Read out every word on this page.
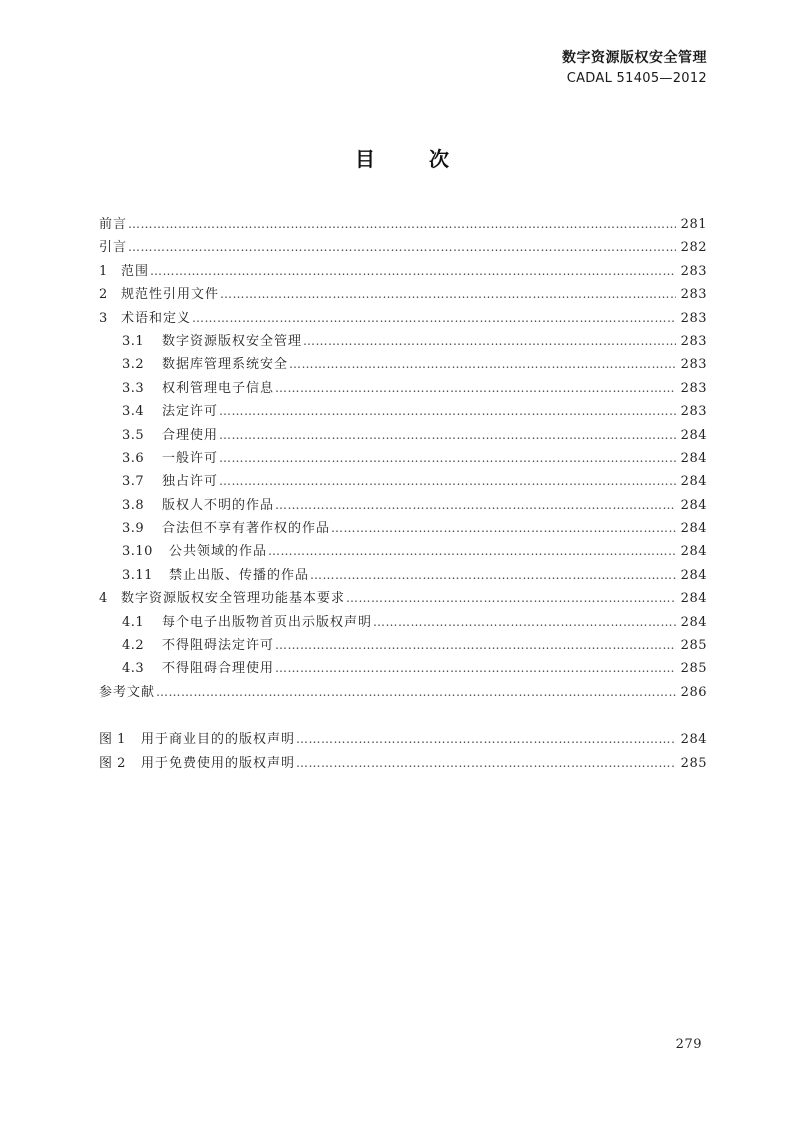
数字资源版权安全管理
CADAL 51405—2012
目	次
前言 ……………………………………………………………………………………………………………………………………………………………………………………………………………………	281
引言 ……………………………………………………………………………………………………………………………………………………………………………………………………………………	282
1	范围 ……………………………………………………………………………………………………………………………………………………………………………………………………………………	283
2	规范性引用文件 ……………………………………………………………………………………………………………………………………………………………………………………………………………………	283
3	术语和定义 ……………………………………………………………………………………………………………………………………………………………………………………………………………………	283
3.1	数字资源版权安全管理 ……………………………………………………………………………………………………………………………………………………………………………………………………………………	283
3.2	数据库管理系统安全 ……………………………………………………………………………………………………………………………………………………………………………………………………………………	283
3.3	权利管理电子信息 ……………………………………………………………………………………………………………………………………………………………………………………………………………………	283
3.4	法定许可 ……………………………………………………………………………………………………………………………………………………………………………………………………………………	283
3.5	合理使用 ……………………………………………………………………………………………………………………………………………………………………………………………………………………	284
3.6	一般许可 ……………………………………………………………………………………………………………………………………………………………………………………………………………………	284
3.7	独占许可 ……………………………………………………………………………………………………………………………………………………………………………………………………………………	284
3.8	版权人不明的作品 ……………………………………………………………………………………………………………………………………………………………………………………………………………………	284
3.9	合法但不享有著作权的作品 ……………………………………………………………………………………………………………………………………………………………………………………………………………………	284
3.10	公共领域的作品 ……………………………………………………………………………………………………………………………………………………………………………………………………………………	284
3.11	禁止出版、传播的作品 ……………………………………………………………………………………………………………………………………………………………………………………………………………………	284
4	数字资源版权安全管理功能基本要求 ……………………………………………………………………………………………………………………………………………………………………………………………………………………	284
4.1	每个电子出版物首页出示版权声明 ……………………………………………………………………………………………………………………………………………………………………………………………………………………	284
4.2	不得阻碍法定许可 ……………………………………………………………………………………………………………………………………………………………………………………………………………………	285
4.3	不得阻碍合理使用 ……………………………………………………………………………………………………………………………………………………………………………………………………………………	285
参考文献 ……………………………………………………………………………………………………………………………………………………………………………………………………………………	286
图 1	用于商业目的的版权声明 ……………………………………………………………………………………………………………………………………………………………………………………………………………………	284
图 2	用于免费使用的版权声明 ……………………………………………………………………………………………………………………………………………………………………………………………………………………	285
279
